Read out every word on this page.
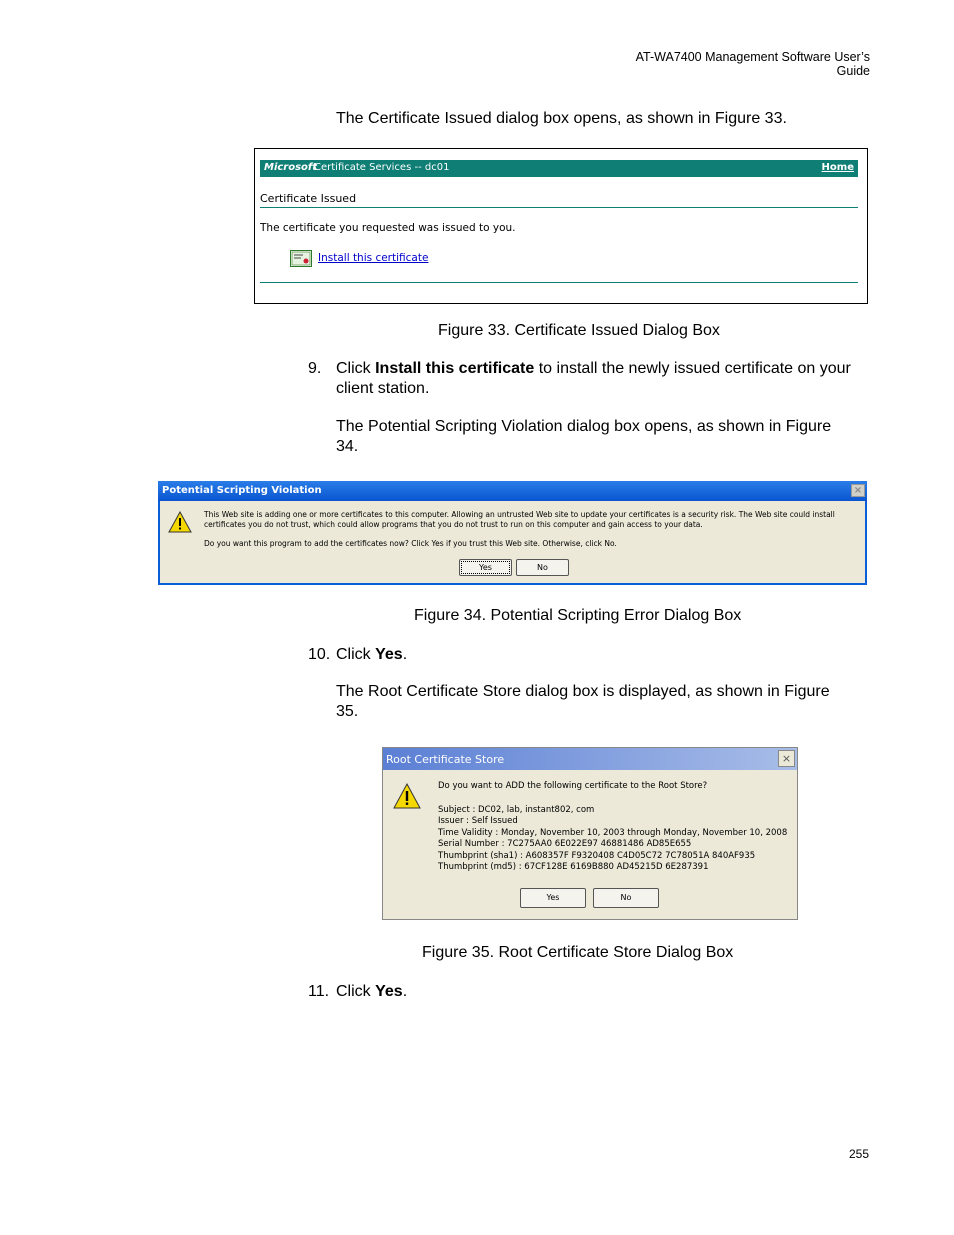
AT-WA7400 Management Software User’s Guide
The Certificate Issued dialog box opens, as shown in Figure 33.
Microsoft
Certificate Services -- dc01	Home
Certificate Issued
The certificate you requested was issued to you.
Install this certificate
Figure 33. Certificate Issued Dialog Box
9. Click Install this certificate to install the newly issued certificate on your client station.
The Potential Scripting Violation dialog box opens, as shown in Figure 34.
Potential Scripting Violation	×
This Web site is adding one or more certificates to this computer. Allowing an untrusted Web site to update your certificates is a security risk. The Web site could install certificates you do not trust, which could allow programs that you do not trust to run on this computer and gain access to your data.
Do you want this program to add the certificates now? Click Yes if you trust this Web site. Otherwise, click No.
Yes	No
Figure 34. Potential Scripting Error Dialog Box
10. Click Yes.
The Root Certificate Store dialog box is displayed, as shown in Figure 35.
Root Certificate Store	×
Do you want to ADD the following certificate to the Root Store?
Subject : DC02, lab, instant802, com
Issuer : Self Issued
Time Validity : Monday, November 10, 2003 through Monday, November 10, 2008
Serial Number : 7C275AA0 6E022E97 46881486 AD85E655
Thumbprint (sha1) : A608357F F9320408 C4D05C72 7C78051A 840AF935
Thumbprint (md5) : 67CF128E 6169B880 AD45215D 6E287391
Yes	No
Figure 35. Root Certificate Store Dialog Box
11. Click Yes.
255
